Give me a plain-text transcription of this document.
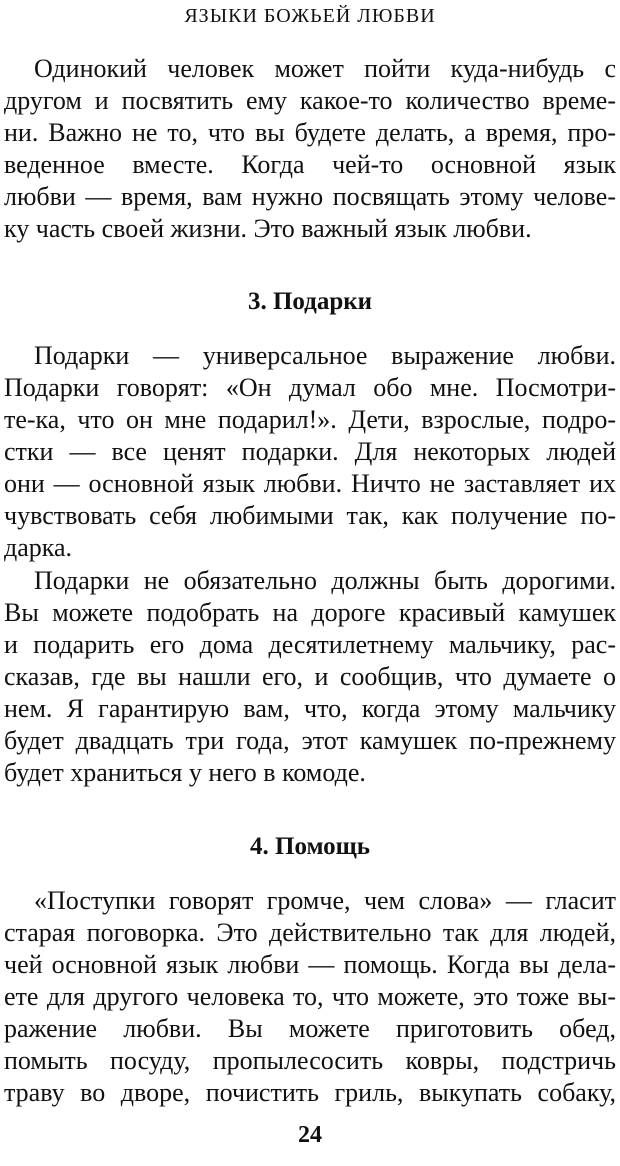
ЯЗЫКИ БОЖЬЕЙ ЛЮБВИ
Одинокий человек может пойти куда-нибудь с
другом и посвятить ему какое-то количество време-
ни. Важно не то, что вы будете делать, а время, про-
веденное вместе. Когда чей-то основной язык
любви — время, вам нужно посвящать этому челове-
ку часть своей жизни. Это важный язык любви.
3. Подарки
Подарки — универсальное выражение любви.
Подарки говорят: «Он думал обо мне. Посмотри-
те-ка, что он мне подарил!». Дети, взрослые, подро-
стки — все ценят подарки. Для некоторых людей
они — основной язык любви. Ничто не заставляет их
чувствовать себя любимыми так, как получение по-
дарка.
Подарки не обязательно должны быть дорогими.
Вы можете подобрать на дороге красивый камушек
и подарить его дома десятилетнему мальчику, рас-
сказав, где вы нашли его, и сообщив, что думаете о
нем. Я гарантирую вам, что, когда этому мальчику
будет двадцать три года, этот камушек по-прежнему
будет храниться у него в комоде.
4. Помощь
«Поступки говорят громче, чем слова» — гласит
старая поговорка. Это действительно так для людей,
чей основной язык любви — помощь. Когда вы дела-
ете для другого человека то, что можете, это тоже вы-
ражение любви. Вы можете приготовить обед,
помыть посуду, пропылесосить ковры, подстричь
траву во дворе, почистить гриль, выкупать собаку,
24
